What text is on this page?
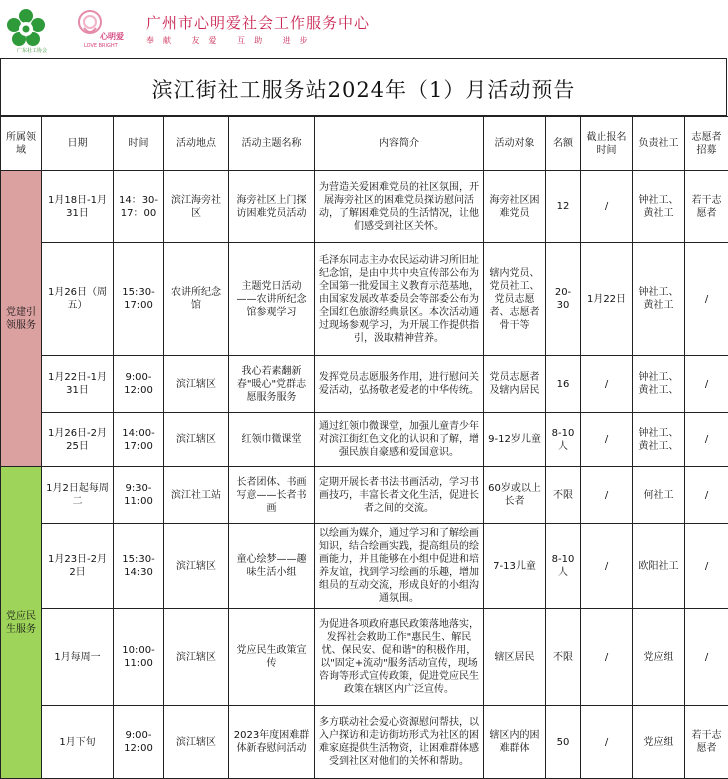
广东社工协会
心明爱
LOVE BRIGHT
广州市心明爱社会工作服务中心
奉献 友爱 互助 进步
滨江街社工服务站2024年（1）月活动预告
所属领域	日期	时间	活动地点	活动主题名称	内容简介	活动对象	名额	截止报名时间	负责社工	志愿者招募
党建引领服务	1月18日-1月31日	14：30-17：00	滨江海旁社区	海旁社区上门探访困难党员活动	为营造关爱困难党员的社区氛围，开展海旁社区的困难党员探访慰问活动，了解困难党员的生活情况，让他们感受到社区关怀。	海旁社区困难党员	12	/	钟社工、黄社工	若干志愿者
	1月26日（周五）	15:30-17:00	农讲所纪念馆	主题党日活动——农讲所纪念馆参观学习	毛泽东同志主办农民运动讲习所旧址纪念馆，是由中共中央宣传部公布为全国第一批爱国主义教育示范基地，由国家发展改革委员会等部委公布为全国红色旅游经典景区。本次活动通过现场参观学习，为开展工作提供指引，汲取精神营养。	辖内党员、党员社工、党员志愿者、志愿者骨干等	20-30	1月22日	钟社工、黄社工	/
	1月22日-1月31日	9:00-12:00	滨江辖区	我心若素翻新春"暖心"党群志愿服务服务	发挥党员志愿服务作用，进行慰问关爱活动，弘扬敬老爱老的中华传统。	党员志愿者及辖内居民	16	/	钟社工、黄社工、	/
	1月26日-2月25日	14:00-17:00	滨江辖区	红领巾微课堂	通过红领巾微课堂，加强儿童青少年对滨江街红色文化的认识和了解，增强民族自豪感和爱国意识。	9-12岁儿童	8-10人	/	钟社工、黄社工、	/
党应民生服务	1月2日起每周二	9:30-11:00	滨江社工站	长者团体、书画写意——长者书画	定期开展长者书法书画活动，学习书画技巧，丰富长者文化生活，促进长者之间的交流。	60岁或以上长者	不限	/	何社工	/
	1月23日-2月2日	15:30-14:30	滨江辖区	童心绘梦——趣味生活小组	以绘画为媒介，通过学习和了解绘画知识，结合绘画实践，提高组员的绘画能力，并且能够在小组中促进和培养友谊，找到学习绘画的乐趣，增加组员的互动交流，形成良好的小组沟通氛围。	7-13儿童	8-10人	/	欧阳社工	/
	1月每周一	10:00-11:00	滨江辖区	党应民生政策宣传	为促进各项政府惠民政策落地落实，发挥社会救助工作"惠民生、解民忧、保民安、促和谐"的积极作用，以"固定+流动"服务活动宣传，现场咨询等形式宣传政策，促进党应民生政策在辖区内广泛宣传。	辖区居民	不限	/	党应组	/
	1月下旬	9:00-12:00	滨江辖区	2023年度困难群体新春慰问活动	多方联动社会爱心资源慰问帮扶，以入户探访和走访街坊形式为社区的困难家庭提供生活物资，让困难群体感受到社区对他们的关怀和帮助。	辖区内的困难群体	50	/	党应组	若干志愿者
